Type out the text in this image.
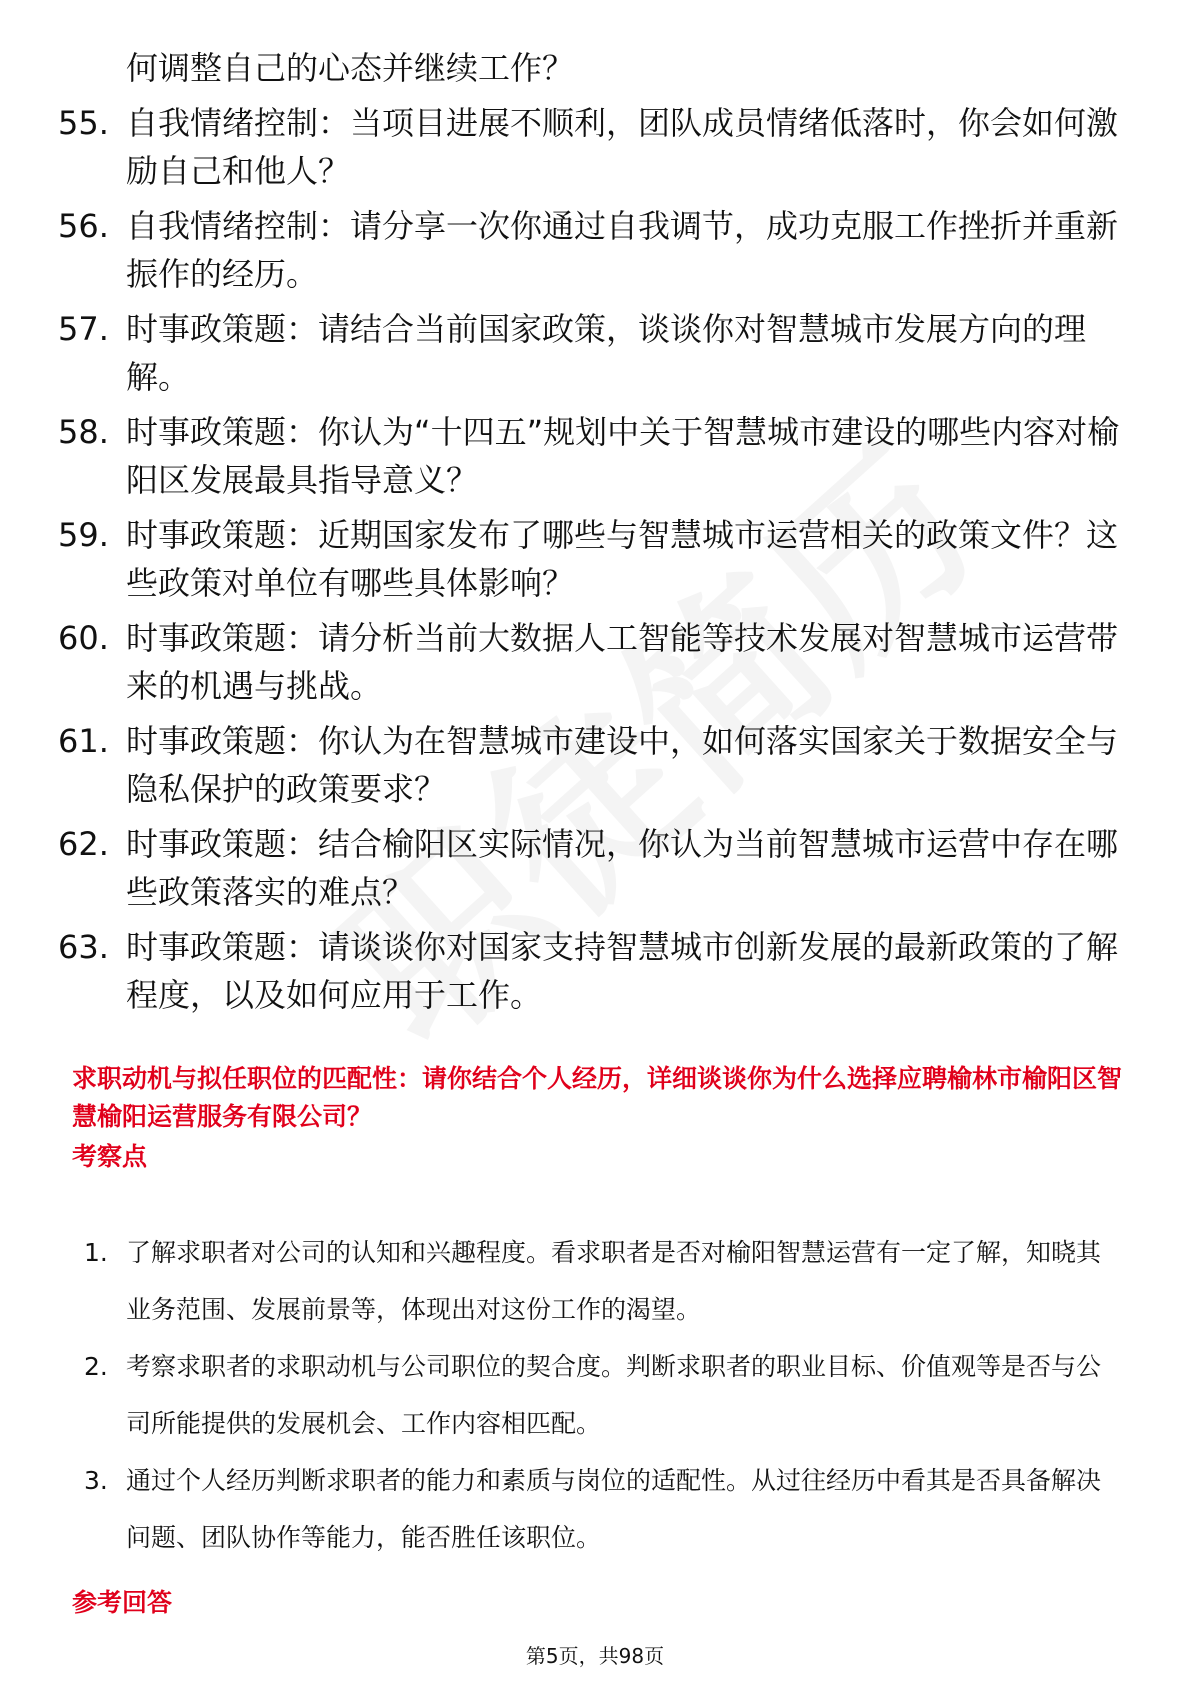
何调整自己的心态并继续工作？
55. 自我情绪控制：当项目进展不顺利，团队成员情绪低落时，你会如何激励自己和他人？
56. 自我情绪控制：请分享一次你通过自我调节，成功克服工作挫折并重新振作的经历。
57. 时事政策题：请结合当前国家政策，谈谈你对智慧城市发展方向的理解。
58. 时事政策题：你认为“十四五”规划中关于智慧城市建设的哪些内容对榆阳区发展最具指导意义？
59. 时事政策题：近期国家发布了哪些与智慧城市运营相关的政策文件？这些政策对单位有哪些具体影响？
60. 时事政策题：请分析当前大数据人工智能等技术发展对智慧城市运营带来的机遇与挑战。
61. 时事政策题：你认为在智慧城市建设中，如何落实国家关于数据安全与隐私保护的政策要求？
62. 时事政策题：结合榆阳区实际情况，你认为当前智慧城市运营中存在哪些政策落实的难点？
63. 时事政策题：请谈谈你对国家支持智慧城市创新发展的最新政策的了解程度，以及如何应用于工作。
求职动机与拟任职位的匹配性：请你结合个人经历，详细谈谈你为什么选择应聘榆林市榆阳区智慧榆阳运营服务有限公司？
考察点
1. 了解求职者对公司的认知和兴趣程度。看求职者是否对榆阳智慧运营有一定了解，知晓其业务范围、发展前景等，体现出对这份工作的渴望。
2. 考察求职者的求职动机与公司职位的契合度。判断求职者的职业目标、价值观等是否与公司所能提供的发展机会、工作内容相匹配。
3. 通过个人经历判断求职者的能力和素质与岗位的适配性。从过往经历中看其是否具备解决问题、团队协作等能力，能否胜任该职位。
参考回答
第5页，共98页
